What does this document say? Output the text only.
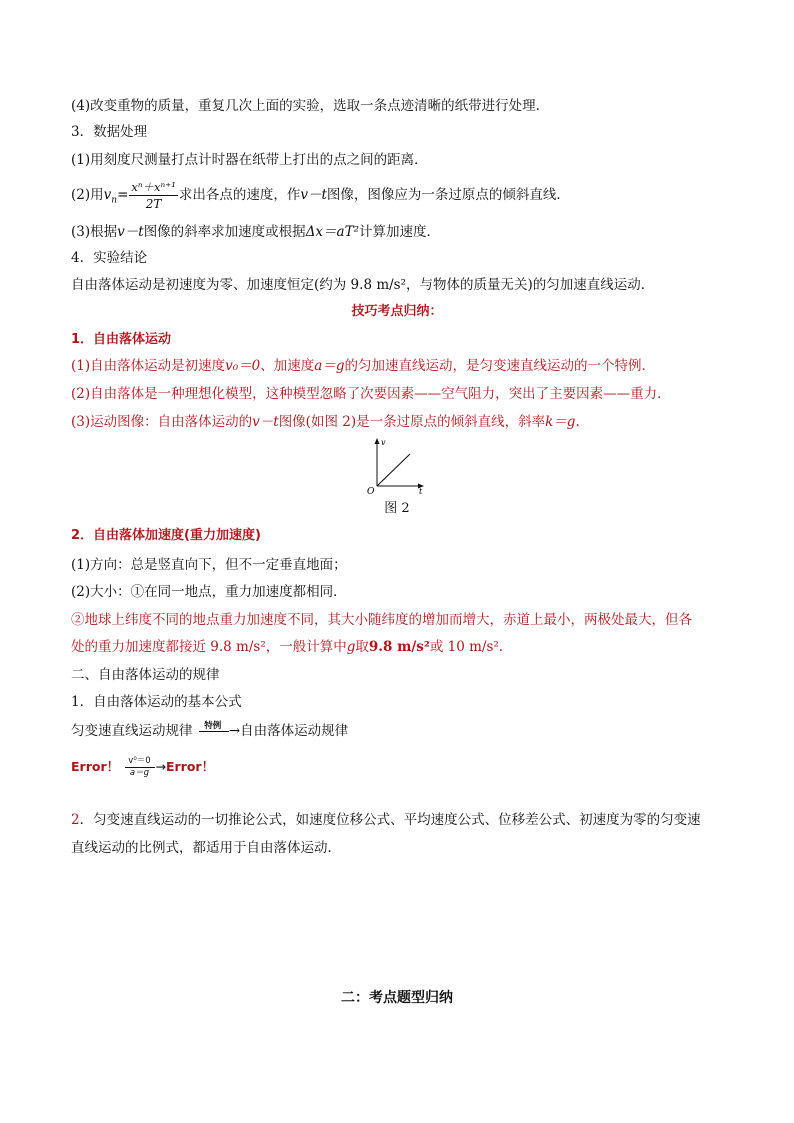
(4)改变重物的质量，重复几次上面的实验，选取一条点迹清晰的纸带进行处理．
3．数据处理
(1)用刻度尺测量打点计时器在纸带上打出的点之间的距离．
(2)用$v_n= \frac{\text{xⁿ＋xⁿ⁺¹}}{2T}$ 求出各点的速度，作v－t图像，图像应为一条过原点的倾斜直线．
(3)根据v－t图像的斜率求加速度或根据Δx＝aT²计算加速度．
4．实验结论
自由落体运动是初速度为零、加速度恒定(约为 9.8 m/s²，与物体的质量无关)的匀加速直线运动．
技巧考点归纳：
1．自由落体运动
(1)自由落体运动是初速度v₀＝0、加速度a＝g的匀加速直线运动，是匀变速直线运动的一个特例．
(2)自由落体是一种理想化模型，这种模型忽略了次要因素——空气阻力，突出了主要因素——重力．
(3)运动图像：自由落体运动的v－t图像(如图 2)是一条过原点的倾斜直线，斜率k＝g.
v
t
O
图 2
2．自由落体加速度(重力加速度)
(1)方向：总是竖直向下，但不一定垂直地面；
(2)大小：①在同一地点，重力加速度都相同．
②地球上纬度不同的地点重力加速度不同，其大小随纬度的增加而增大，赤道上最小，两极处最大，但各
处的重力加速度都接近 9.8 m/s²，一般计算中g取9.8 m/s²或 10 m/s².
二、自由落体运动的规律
1．自由落体运动的基本公式
匀变速直线运动规律	特例 →自由落体运动规律
Error！ $\frac{\text{v⁰＝0}}{a=g}$ →Error！
2．匀变速直线运动的一切推论公式，如速度位移公式、平均速度公式、位移差公式、初速度为零的匀变速
直线运动的比例式，都适用于自由落体运动．
二：考点题型归纳
